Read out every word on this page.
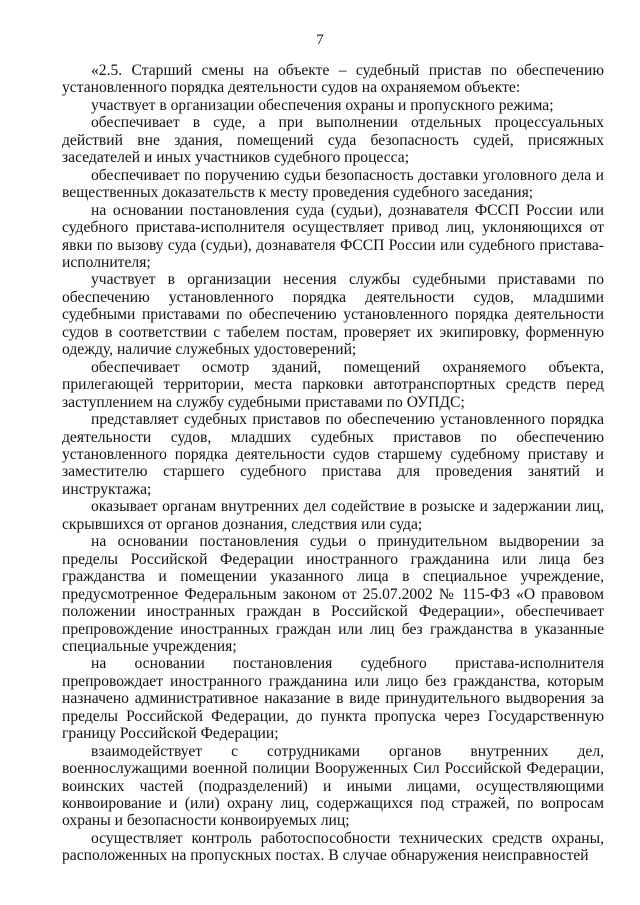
7

«2.5. Старший смены на объекте – судебный пристав по обеспечению установленного порядка деятельности судов на охраняемом объекте:

участвует в организации обеспечения охраны и пропускного режима;

обеспечивает в суде, а при выполнении отдельных процессуальных действий вне здания, помещений суда безопасность судей, присяжных заседателей и иных участников судебного процесса;

обеспечивает по поручению судьи безопасность доставки уголовного дела и вещественных доказательств к месту проведения судебного заседания;

на основании постановления суда (судьи), дознавателя ФССП России или судебного пристава-исполнителя осуществляет привод лиц, уклоняющихся от явки по вызову суда (судьи), дознавателя ФССП России или судебного пристава-исполнителя;

участвует в организации несения службы судебными приставами по обеспечению установленного порядка деятельности судов, младшими судебными приставами по обеспечению установленного порядка деятельности судов в соответствии с табелем постам, проверяет их экипировку, форменную одежду, наличие служебных удостоверений;

обеспечивает осмотр зданий, помещений охраняемого объекта, прилегающей территории, места парковки автотранспортных средств перед заступлением на службу судебными приставами по ОУПДС;

представляет судебных приставов по обеспечению установленного порядка деятельности судов, младших судебных приставов по обеспечению установленного порядка деятельности судов старшему судебному приставу и заместителю старшего судебного пристава для проведения занятий и инструктажа;

оказывает органам внутренних дел содействие в розыске и задержании лиц, скрывшихся от органов дознания, следствия или суда;

на основании постановления судьи о принудительном выдворении за пределы Российской Федерации иностранного гражданина или лица без гражданства и помещении указанного лица в специальное учреждение, предусмотренное Федеральным законом от 25.07.2002 № 115-ФЗ «О правовом положении иностранных граждан в Российской Федерации», обеспечивает препровождение иностранных граждан или лиц без гражданства в указанные специальные учреждения;

на основании постановления судебного пристава-исполнителя препровождает иностранного гражданина или лицо без гражданства, которым назначено административное наказание в виде принудительного выдворения за пределы Российской Федерации, до пункта пропуска через Государственную границу Российской Федерации;

взаимодействует с сотрудниками органов внутренних дел, военнослужащими военной полиции Вооруженных Сил Российской Федерации, воинских частей (подразделений) и иными лицами, осуществляющими конвоирование и (или) охрану лиц, содержащихся под стражей, по вопросам охраны и безопасности конвоируемых лиц;

осуществляет контроль работоспособности технических средств охраны, расположенных на пропускных постах. В случае обнаружения неисправностей
